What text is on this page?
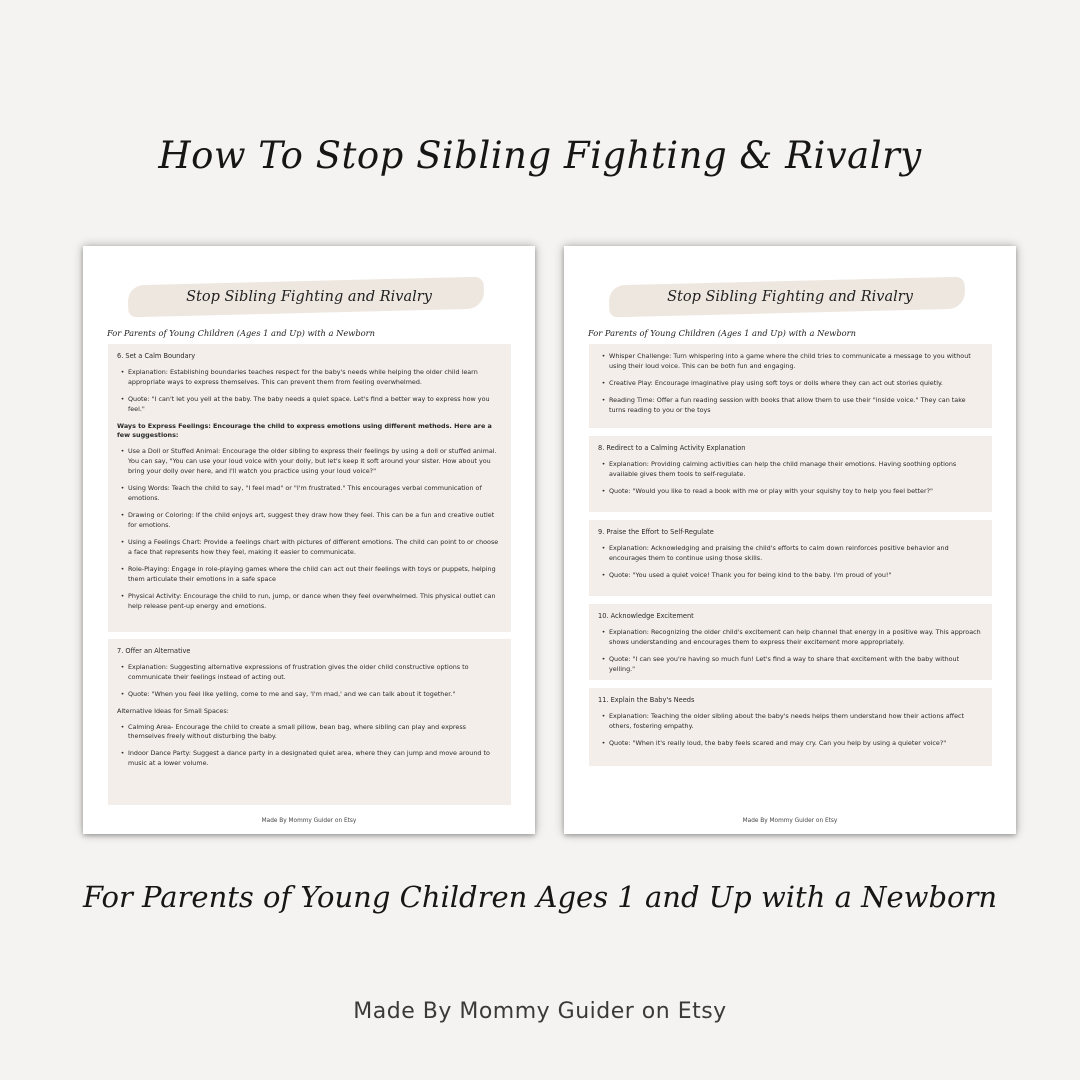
How To Stop Sibling Fighting & Rivalry
Stop Sibling Fighting and Rivalry
For Parents of Young Children (Ages 1 and Up) with a Newborn
6. Set a Calm Boundary
• Explanation: Establishing boundaries teaches respect for the baby's needs while helping the older child learn appropriate ways to express themselves. This can prevent them from feeling overwhelmed.
• Quote: "I can't let you yell at the baby. The baby needs a quiet space. Let's find a better way to express how you feel."
Ways to Express Feelings: Encourage the child to express emotions using different methods. Here are a few suggestions:
• Use a Doll or Stuffed Animal: Encourage the older sibling to express their feelings by using a doll or stuffed animal. You can say, "You can use your loud voice with your dolly, but let's keep it soft around your sister. How about you bring your dolly over here, and I'll watch you practice using your loud voice?"
• Using Words: Teach the child to say, "I feel mad" or "I'm frustrated." This encourages verbal communication of emotions.
• Drawing or Coloring: If the child enjoys art, suggest they draw how they feel. This can be a fun and creative outlet for emotions.
• Using a Feelings Chart: Provide a feelings chart with pictures of different emotions. The child can point to or choose a face that represents how they feel, making it easier to communicate.
• Role-Playing: Engage in role-playing games where the child can act out their feelings with toys or puppets, helping them articulate their emotions in a safe space
• Physical Activity: Encourage the child to run, jump, or dance when they feel overwhelmed. This physical outlet can help release pent-up energy and emotions.
7. Offer an Alternative
• Explanation: Suggesting alternative expressions of frustration gives the older child constructive options to communicate their feelings instead of acting out.
• Quote: "When you feel like yelling, come to me and say, 'I'm mad,' and we can talk about it together."
Alternative Ideas for Small Spaces:
• Calming Area- Encourage the child to create a small pillow, bean bag, where sibling can play and express themselves freely without disturbing the baby.
• Indoor Dance Party: Suggest a dance party in a designated quiet area, where they can jump and move around to music at a lower volume.
Made By Mommy Guider on Etsy
Stop Sibling Fighting and Rivalry
For Parents of Young Children (Ages 1 and Up) with a Newborn
• Whisper Challenge: Turn whispering into a game where the child tries to communicate a message to you without using their loud voice. This can be both fun and engaging.
• Creative Play: Encourage imaginative play using soft toys or dolls where they can act out stories quietly.
• Reading Time: Offer a fun reading session with books that allow them to use their "inside voice." They can take turns reading to you or the toys
8. Redirect to a Calming Activity Explanation
• Explanation: Providing calming activities can help the child manage their emotions. Having soothing options available gives them tools to self-regulate.
• Quote: "Would you like to read a book with me or play with your squishy toy to help you feel better?"
9. Praise the Effort to Self-Regulate
• Explanation: Acknowledging and praising the child's efforts to calm down reinforces positive behavior and encourages them to continue using those skills.
• Quote: "You used a quiet voice! Thank you for being kind to the baby. I'm proud of you!"
10. Acknowledge Excitement
• Explanation: Recognizing the older child's excitement can help channel that energy in a positive way. This approach shows understanding and encourages them to express their excitement more appropriately.
• Quote: "I can see you're having so much fun! Let's find a way to share that excitement with the baby without yelling."
11. Explain the Baby's Needs
• Explanation: Teaching the older sibling about the baby's needs helps them understand how their actions affect others, fostering empathy.
• Quote: "When it's really loud, the baby feels scared and may cry. Can you help by using a quieter voice?"
Made By Mommy Guider on Etsy
For Parents of Young Children Ages 1 and Up with a Newborn
Made By Mommy Guider on Etsy
